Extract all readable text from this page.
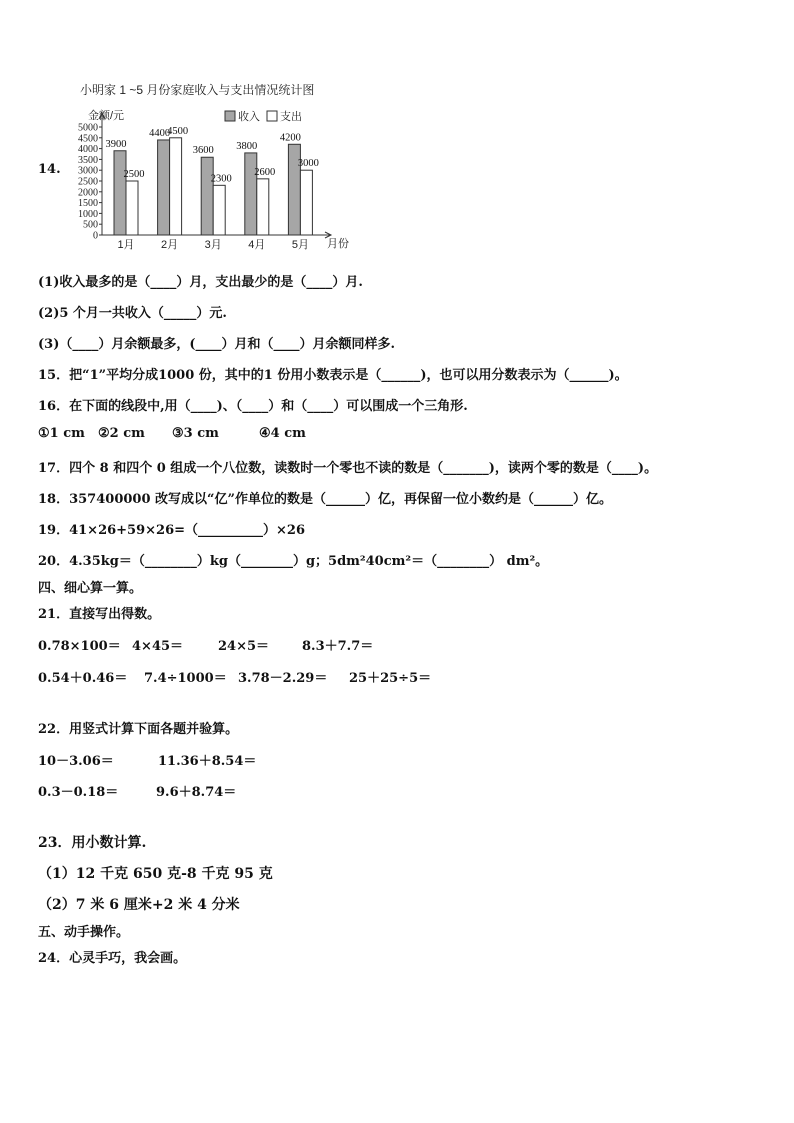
小明家 1 ~5 月份家庭收入与支出情况统计图
金额/元
月份
收入 支出
0
500
1000
1500
2000
2500
3000
3500
4000
4500
5000
1月 2月 3月 4月 5月
3900
2500
4400
4500
3600
2300
3800
2600
4200
3000
14.
(1)收入最多的是（____）月，支出最少的是（____）月.
(2)5 个月一共收入（_____）元.
(3)（____）月余额最多，(____）月和（____）月余额同样多.
15．把“1”平均分成1000 份，其中的1 份用小数表示是（______)，也可以用分数表示为（______)。
16．在下面的线段中,用（____)、（____）和（____）可以围成一个三角形.
①1 cm ②2 cm ③3 cm	④4 cm
17．四个 8 和四个 0 组成一个八位数，读数时一个零也不读的数是（_______)，读两个零的数是（____)。
18．357400000 改写成以“亿”作单位的数是（______）亿，再保留一位小数约是（______）亿。
19．41×26+59×26=（__________）×26
20．4.35kg＝（________）kg（________）g；5dm²40cm²＝（________） dm²。
四、细心算一算。
21．直接写出得数。
0.78×100＝ 4×45＝	24×5＝	8.3＋7.7＝
0.54＋0.46＝ 7.4÷1000＝ 3.78－2.29＝ 25＋25÷5＝
22．用竖式计算下面各题并验算。
10－3.06＝	11.36＋8.54＝
0.3－0.18＝	9.6＋8.74＝
23．用小数计算.
（1）12 千克 650 克-8 千克 95 克
（2）7 米 6 厘米+2 米 4 分米
五、动手操作。
24．心灵手巧，我会画。
